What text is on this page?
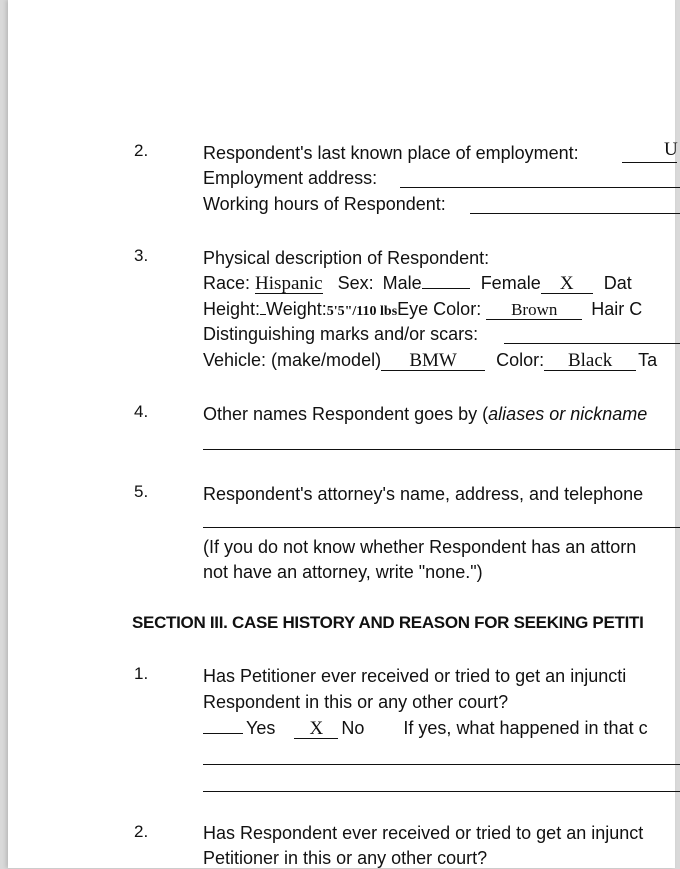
2.	Respondent's last known place of employment:	U
Employment address:
Working hours of Respondent:
3.	Physical description of Respondent:
Race: Hispanic Sex: Male	Female X Dat
Height: Weight:5'5"/110 lbsEye Color: Brown Hair C
Distinguishing marks and/or scars:
Vehicle: (make/model) BMW Color: Black Ta
4.	Other names Respondent goes by (aliases or nickname
5.	Respondent's attorney's name, address, and telephone
(If you do not know whether Respondent has an attorn
not have an attorney, write "none.")
SECTION III. CASE HISTORY AND REASON FOR SEEKING PETITI
1.	Has Petitioner ever received or tried to get an injuncti
Respondent in this or any other court?
Yes X No If yes, what happened in that c
2.	Has Respondent ever received or tried to get an injunct
Petitioner in this or any other court?
